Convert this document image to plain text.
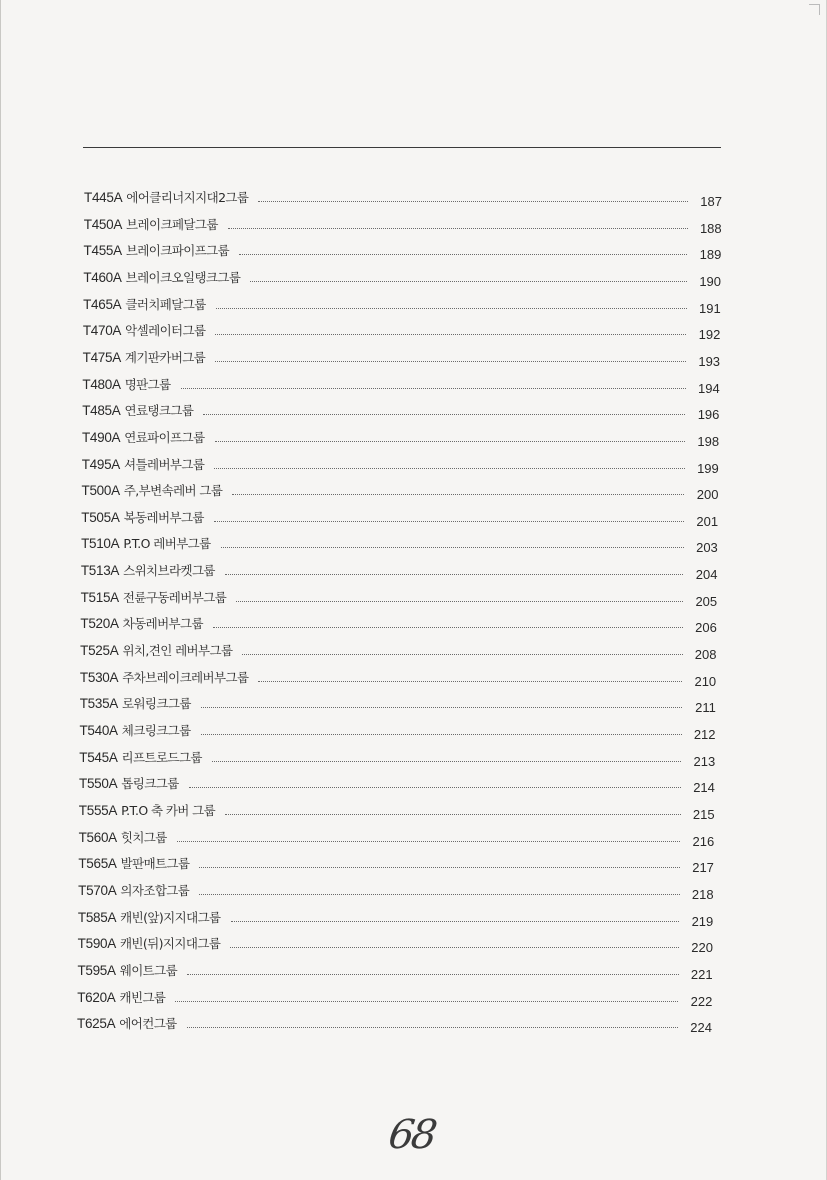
T445A 에어클리너지지대2그룹	187
T450A 브레이크페달그룹	188
T455A 브레이크파이프그룹	189
T460A 브레이크오일탱크그룹	190
T465A 클러치페달그룹	191
T470A 악셀레이터그룹	192
T475A 계기판카버그룹	193
T480A 명판그룹	194
T485A 연료탱크그룹	196
T490A 연료파이프그룹	198
T495A 셔틀레버부그룹	199
T500A 주,부변속레버 그룹	200
T505A 복동레버부그룹	201
T510A P.T.O 레버부그룹	203
T513A 스위치브라켓그룹	204
T515A 전륜구동레버부그룹	205
T520A 차동레버부그룹	206
T525A 위치,견인 레버부그룹	208
T530A 주차브레이크레버부그룹	210
T535A 로워링크그룹	211
T540A 체크링크그룹	212
T545A 리프트로드그룹	213
T550A 톱링크그룹	214
T555A P.T.O 축 카버 그룹	215
T560A 힛치그룹	216
T565A 발판매트그룹	217
T570A 의자조합그룹	218
T585A 캐빈(앞)지지대그룹	219
T590A 캐빈(뒤)지지대그룹	220
T595A 웨이트그룹	221
T620A 캐빈그룹	222
T625A 에어컨그룹	224
68
